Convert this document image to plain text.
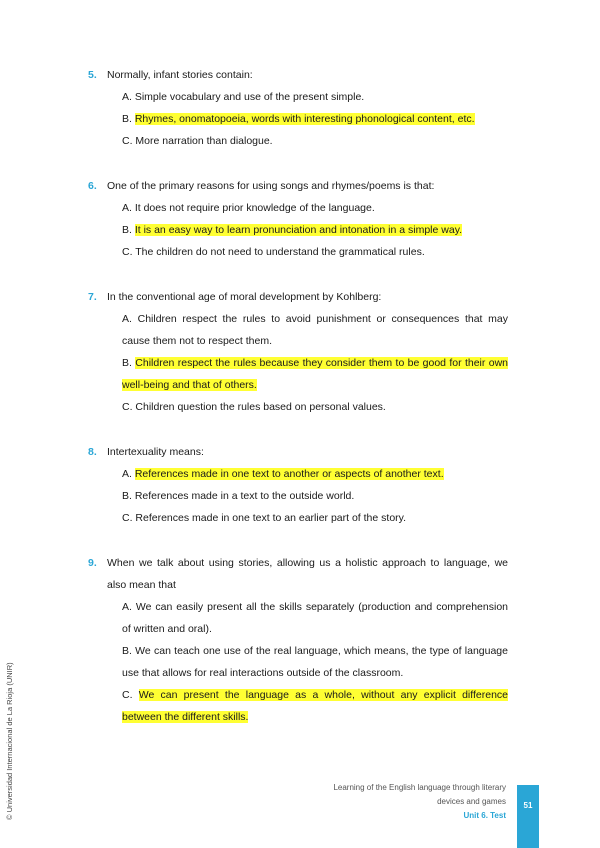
5. Normally, infant stories contain:
A. Simple vocabulary and use of the present simple.
B. Rhymes, onomatopoeia, words with interesting phonological content, etc.
C. More narration than dialogue.
6. One of the primary reasons for using songs and rhymes/poems is that:
A. It does not require prior knowledge of the language.
B. It is an easy way to learn pronunciation and intonation in a simple way.
C. The children do not need to understand the grammatical rules.
7. In the conventional age of moral development by Kohlberg:
A. Children respect the rules to avoid punishment or consequences that may cause them not to respect them.
B. Children respect the rules because they consider them to be good for their own well-being and that of others.
C. Children question the rules based on personal values.
8. Intertexuality means:
A. References made in one text to another or aspects of another text.
B. References made in a text to the outside world.
C. References made in one text to an earlier part of the story.
9. When we talk about using stories, allowing us a holistic approach to language, we also mean that
A. We can easily present all the skills separately (production and comprehension of written and oral).
B. We can teach one use of the real language, which means, the type of language use that allows for real interactions outside of the classroom.
C. We can present the language as a whole, without any explicit difference between the different skills.
© Universidad Internacional de La Rioja (UNIR)	Learning of the English language through literary
devices and games
Unit 6. Test
51
